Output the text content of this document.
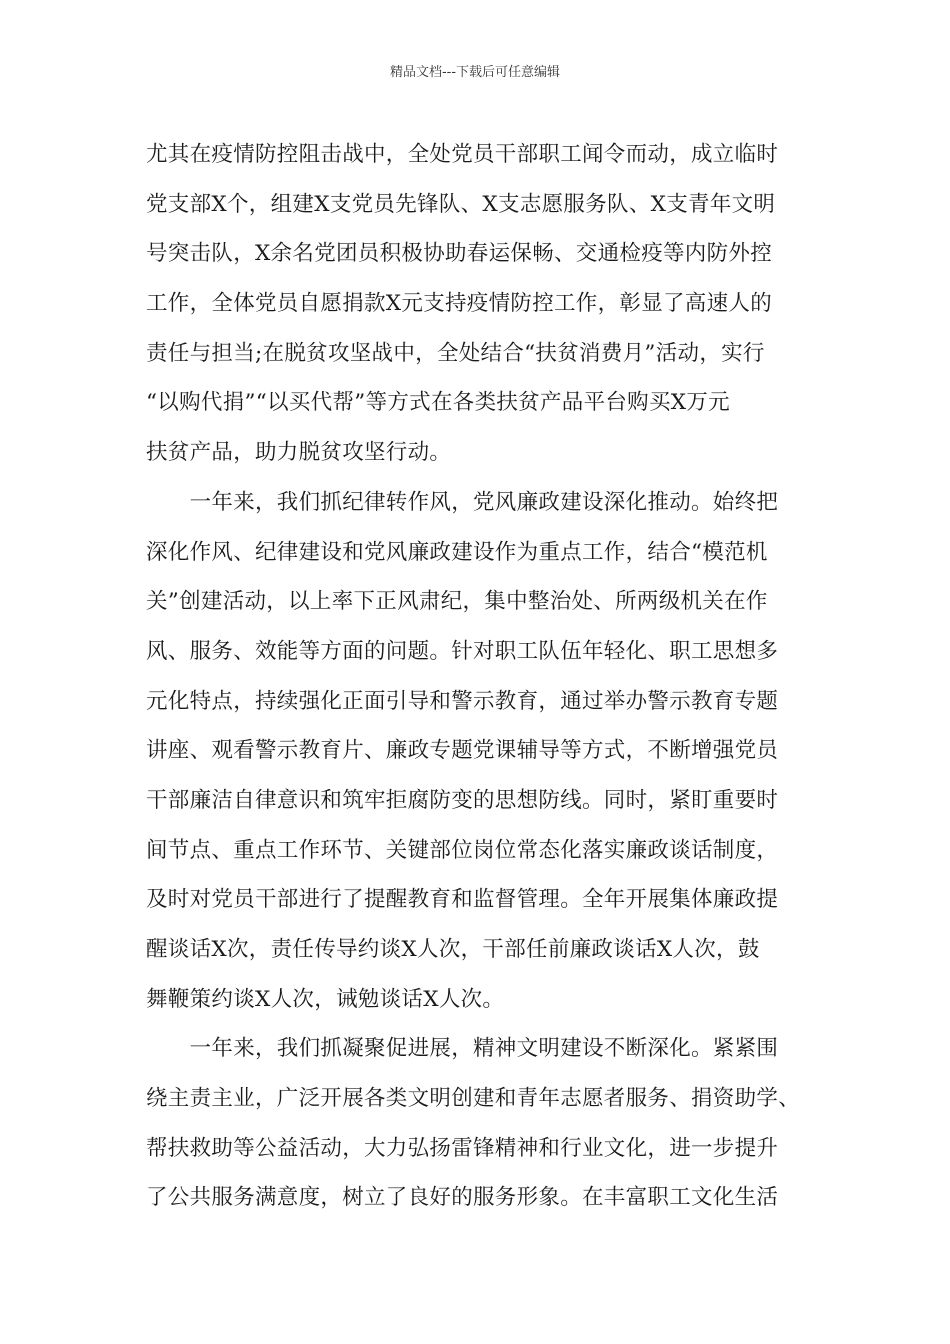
精品文档---下载后可任意编辑
尤其在疫情防控阻击战中，全处党员干部职工闻令而动，成立临时
党支部X个，组建X支党员先锋队、X支志愿服务队、X支青年文明
号突击队，X余名党团员积极协助春运保畅、交通检疫等内防外控
工作，全体党员自愿捐款X元支持疫情防控工作，彰显了高速人的
责任与担当;在脱贫攻坚战中，全处结合“扶贫消费月”活动，实行
“以购代捐”“以买代帮”等方式在各类扶贫产品平台购买X万元
扶贫产品，助力脱贫攻坚行动。
　　一年来，我们抓纪律转作风，党风廉政建设深化推动。始终把
深化作风、纪律建设和党风廉政建设作为重点工作，结合“模范机
关”创建活动，以上率下正风肃纪，集中整治处、所两级机关在作
风、服务、效能等方面的问题。针对职工队伍年轻化、职工思想多
元化特点，持续强化正面引导和警示教育，通过举办警示教育专题
讲座、观看警示教育片、廉政专题党课辅导等方式，不断增强党员
干部廉洁自律意识和筑牢拒腐防变的思想防线。同时，紧盯重要时
间节点、重点工作环节、关键部位岗位常态化落实廉政谈话制度，
及时对党员干部进行了提醒教育和监督管理。全年开展集体廉政提
醒谈话X次，责任传导约谈X人次，干部任前廉政谈话X人次，鼓
舞鞭策约谈X人次，诫勉谈话X人次。
　　一年来，我们抓凝聚促进展，精神文明建设不断深化。紧紧围
绕主责主业，广泛开展各类文明创建和青年志愿者服务、捐资助学、
帮扶救助等公益活动，大力弘扬雷锋精神和行业文化，进一步提升
了公共服务满意度，树立了良好的服务形象。在丰富职工文化生活
